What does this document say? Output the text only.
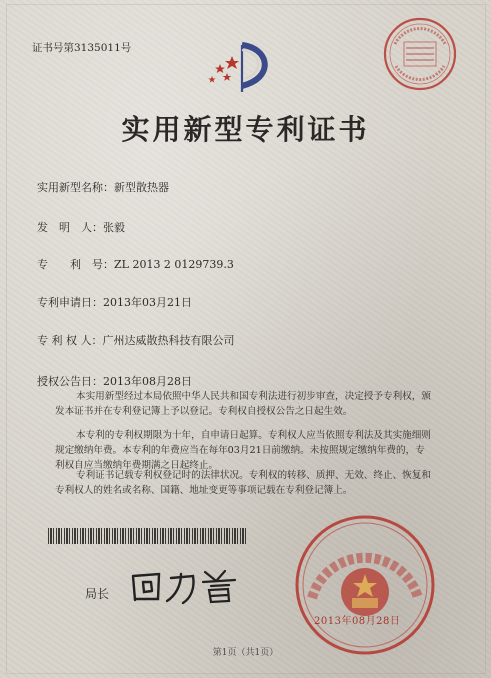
证书号第3135011号
实用新型专利证书
实用新型名称：新型散热器
发　明　人：张毅
专　　利　号：ZL 2013 2 0129739.3
专利申请日：2013年03月21日
专 利 权 人：广州达威散热科技有限公司
授权公告日：2013年08月28日
本实用新型经过本局依照中华人民共和国专利法进行初步审查，决定授予专利权，颁
发本证书并在专利登记簿上予以登记。专利权自授权公告之日起生效。
本专利的专利权期限为十年，自申请日起算。专利权人应当依照专利法及其实施细则
规定缴纳年费。本专利的年费应当在每年03月21日前缴纳。未按照规定缴纳年费的，专
利权自应当缴纳年费期满之日起终止。
专利证书记载专利权登记时的法律状况。专利权的转移、质押、无效、终止、恢复和
专利权人的姓名或名称、国籍、地址变更等事项记载在专利登记簿上。
局长
2013年08月28日
第1页（共1页）
